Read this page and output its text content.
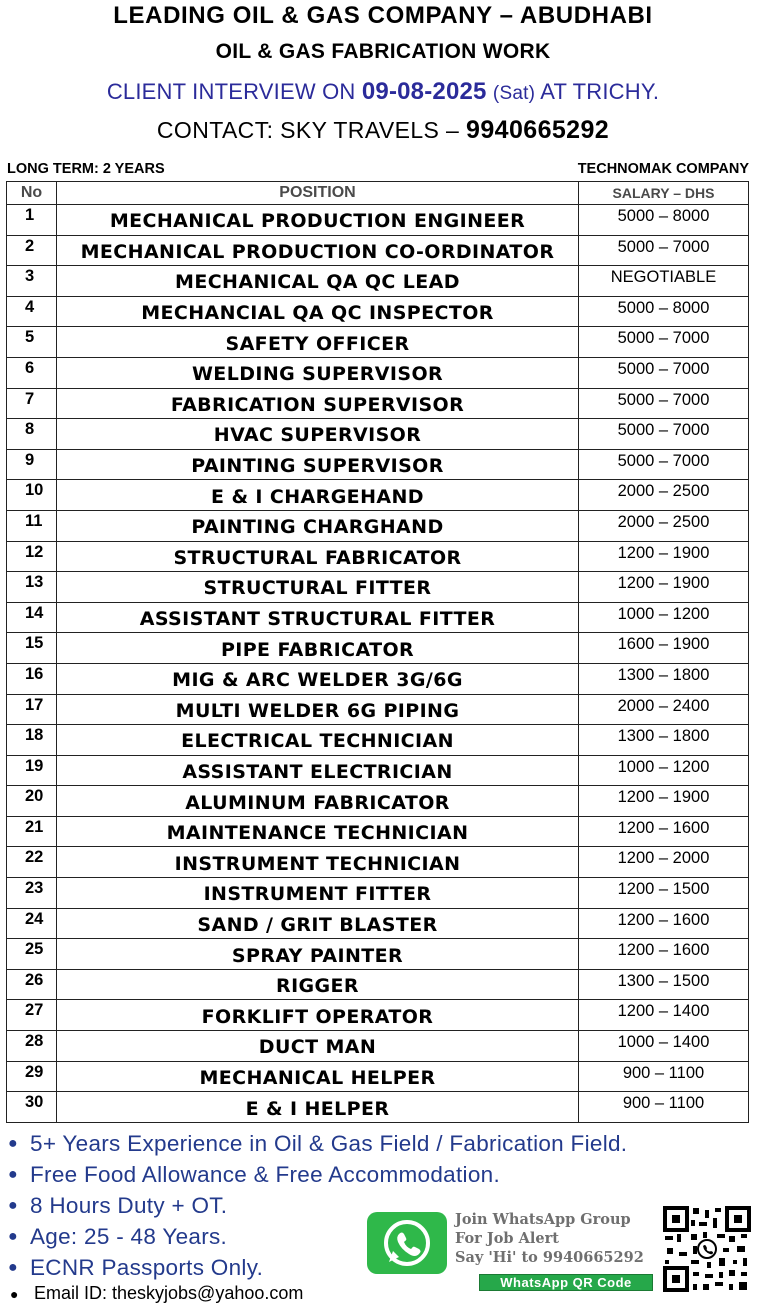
LEADING OIL & GAS COMPANY – ABUDHABI
OIL & GAS FABRICATION WORK
CLIENT INTERVIEW ON 09-08-2025 (Sat) AT TRICHY.
CONTACT: SKY TRAVELS – 9940665292
LONG TERM: 2 YEARS	TECHNOMAK COMPANY
No	POSITION	SALARY – DHS
1	MECHANICAL PRODUCTION ENGINEER	5000 – 8000
2	MECHANICAL PRODUCTION CO-ORDINATOR	5000 – 7000
3	MECHANICAL QA QC LEAD	NEGOTIABLE
4	MECHANCIAL QA QC INSPECTOR	5000 – 8000
5	SAFETY OFFICER	5000 – 7000
6	WELDING SUPERVISOR	5000 – 7000
7	FABRICATION SUPERVISOR	5000 – 7000
8	HVAC SUPERVISOR	5000 – 7000
9	PAINTING SUPERVISOR	5000 – 7000
10	E & I CHARGEHAND	2000 – 2500
11	PAINTING CHARGHAND	2000 – 2500
12	STRUCTURAL FABRICATOR	1200 – 1900
13	STRUCTURAL FITTER	1200 – 1900
14	ASSISTANT STRUCTURAL FITTER	1000 – 1200
15	PIPE FABRICATOR	1600 – 1900
16	MIG & ARC WELDER 3G/6G	1300 – 1800
17	MULTI WELDER 6G PIPING	2000 – 2400
18	ELECTRICAL TECHNICIAN	1300 – 1800
19	ASSISTANT ELECTRICIAN	1000 – 1200
20	ALUMINUM FABRICATOR	1200 – 1900
21	MAINTENANCE TECHNICIAN	1200 – 1600
22	INSTRUMENT TECHNICIAN	1200 – 2000
23	INSTRUMENT FITTER	1200 – 1500
24	SAND / GRIT BLASTER	1200 – 1600
25	SPRAY PAINTER	1200 – 1600
26	RIGGER	1300 – 1500
27	FORKLIFT OPERATOR	1200 – 1400
28	DUCT MAN	1000 – 1400
29	MECHANICAL HELPER	900 – 1100
30	E & I HELPER	900 – 1100
● 5+ Years Experience in Oil & Gas Field / Fabrication Field.
● Free Food Allowance & Free Accommodation.
● 8 Hours Duty + OT.
● Age: 25 - 48 Years.
● ECNR Passports Only.
● Email ID: theskyjobs@yahoo.com
Join WhatsApp Group
For Job Alert
Say 'Hi' to 9940665292
WhatsApp QR Code
